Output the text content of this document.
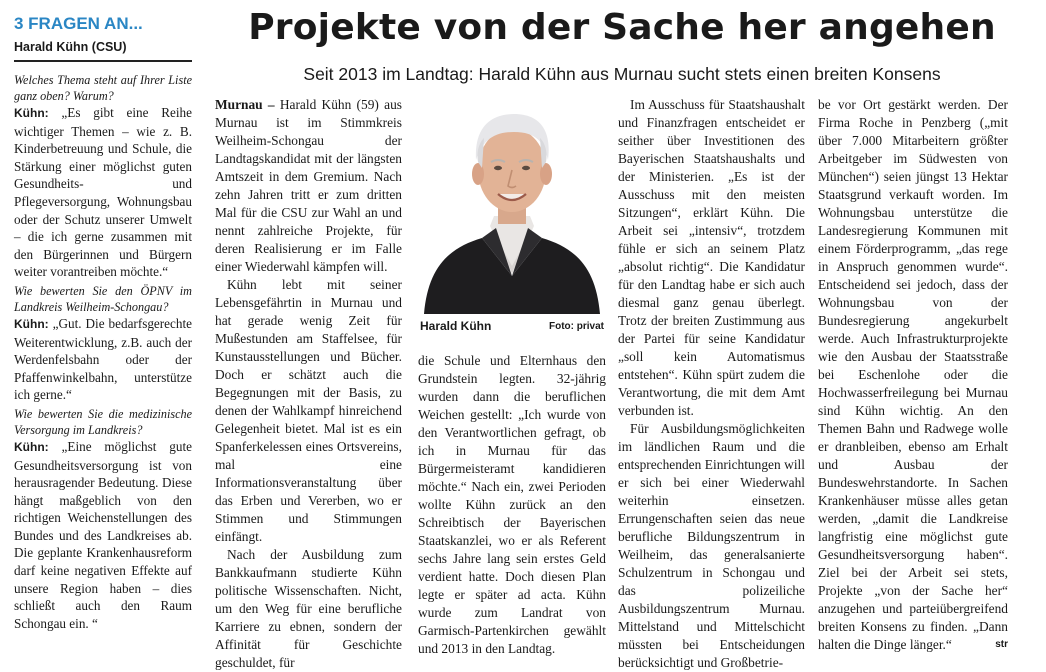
3 FRAGEN AN...
Harald Kühn (CSU)

Welches Thema steht auf Ihrer Liste ganz oben? Warum?

Kühn: „Es gibt eine Reihe wichtiger Themen – wie z. B. Kinderbetreuung und Schule, die Stärkung einer möglichst guten Gesundheits- und Pflegeversorgung, Wohnungsbau oder der Schutz unserer Umwelt – die ich gerne zusammen mit den Bürgerinnen und Bürgern weiter vorantreiben möchte.“

Wie bewerten Sie den ÖPNV im Landkreis Weilheim-Schongau?

Kühn: „Gut. Die bedarfsgerechte Weiterentwicklung, z.B. auch der Werdenfelsbahn oder der Pfaffenwinkelbahn, unterstütze ich gerne.“

Wie bewerten Sie die medizinische Versorgung im Landkreis?

Kühn: „Eine möglichst gute Gesundheitsversorgung ist von herausragender Bedeutung. Diese hängt maßgeblich von den richtigen Weichenstellungen des Bundes und des Landkreises ab. Die geplante Krankenhausreform darf keine negativen Effekte auf unsere Region haben – dies schließt auch den Raum Schongau ein. “

Projekte von der Sache her angehen
Seit 2013 im Landtag: Harald Kühn aus Murnau sucht stets einen breiten Konsens

Murnau – Harald Kühn (59) aus Murnau ist im Stimmkreis Weilheim-Schongau der Landtagskandidat mit der längsten Amtszeit in dem Gremium. Nach zehn Jahren tritt er zum dritten Mal für die CSU zur Wahl an und nennt zahlreiche Projekte, für deren Realisierung er im Falle einer Wiederwahl kämpfen will.

Kühn lebt mit seiner Lebensgefährtin in Murnau und hat gerade wenig Zeit für Mußestunden am Staffelsee, für Kunstausstellungen und Bücher. Doch er schätzt auch die Begegnungen mit der Basis, zu denen der Wahlkampf hinreichend Gelegenheit bietet. Mal ist es ein Spanferkelessen eines Ortsvereins, mal eine Informationsveranstaltung über das Erben und Vererben, wo er Stimmen und Stimmungen einfängt.

Nach der Ausbildung zum Bankkaufmann studierte Kühn politische Wissenschaften. Nicht, um den Weg für eine berufliche Karriere zu ebnen, sondern der Affinität für Geschichte geschuldet, für

Harald Kühn	Foto: privat

die Schule und Elternhaus den Grundstein legten. 32-jährig wurden dann die beruflichen Weichen gestellt: „Ich wurde von den Verantwortlichen gefragt, ob ich in Murnau für das Bürgermeisteramt kandidieren möchte.“ Nach ein, zwei Perioden wollte Kühn zurück an den Schreibtisch der Bayerischen Staatskanzlei, wo er als Referent sechs Jahre lang sein erstes Geld verdient hatte. Doch diesen Plan legte er später ad acta. Kühn wurde zum Landrat von Garmisch-Partenkirchen gewählt und 2013 in den Landtag.

Im Ausschuss für Staatshaushalt und Finanzfragen entscheidet er seither über Investitionen des Bayerischen Staatshaushalts und der Ministerien. „Es ist der Ausschuss mit den meisten Sitzungen“, erklärt Kühn. Die Arbeit sei „intensiv“, trotzdem fühle er sich an seinem Platz „absolut richtig“. Die Kandidatur für den Landtag habe er sich auch diesmal ganz genau überlegt. Trotz der breiten Zustimmung aus der Partei für seine Kandidatur „soll kein Automatismus entstehen“. Kühn spürt zudem die Verantwortung, die mit dem Amt verbunden ist.

Für Ausbildungsmöglichkeiten im ländlichen Raum und die entsprechenden Einrichtungen will er sich bei einer Wiederwahl weiterhin einsetzen. Errungenschaften seien das neue berufliche Bildungszentrum in Weilheim, das generalsanierte Schulzentrum in Schongau und das polizeiliche Ausbildungszentrum Murnau. Mittelstand und Mittelschicht müssten bei Entscheidungen berücksichtigt und Großbetrie-

be vor Ort gestärkt werden. Der Firma Roche in Penzberg („mit über 7.000 Mitarbeitern größter Arbeitgeber im Südwesten von München“) seien jüngst 13 Hektar Staatsgrund verkauft worden. Im Wohnungsbau unterstütze die Landesregierung Kommunen mit einem Förderprogramm, „das rege in Anspruch genommen wurde“. Entscheidend sei jedoch, dass der Wohnungsbau von der Bundesregierung angekurbelt werde. Auch Infrastrukturprojekte wie den Ausbau der Staatsstraße bei Eschenlohe oder die Hochwasserfreilegung bei Murnau sind Kühn wichtig. An den Themen Bahn und Radwege wolle er dranbleiben, ebenso am Erhalt und Ausbau der Bundeswehrstandorte. In Sachen Krankenhäuser müsse alles getan werden, „damit die Landkreise langfristig eine möglichst gute Gesundheitsversorgung haben“. Ziel bei der Arbeit sei stets, Projekte „von der Sache her“ anzugehen und parteiübergreifend breiten Konsens zu finden. „Dann halten die Dinge länger.“	str
